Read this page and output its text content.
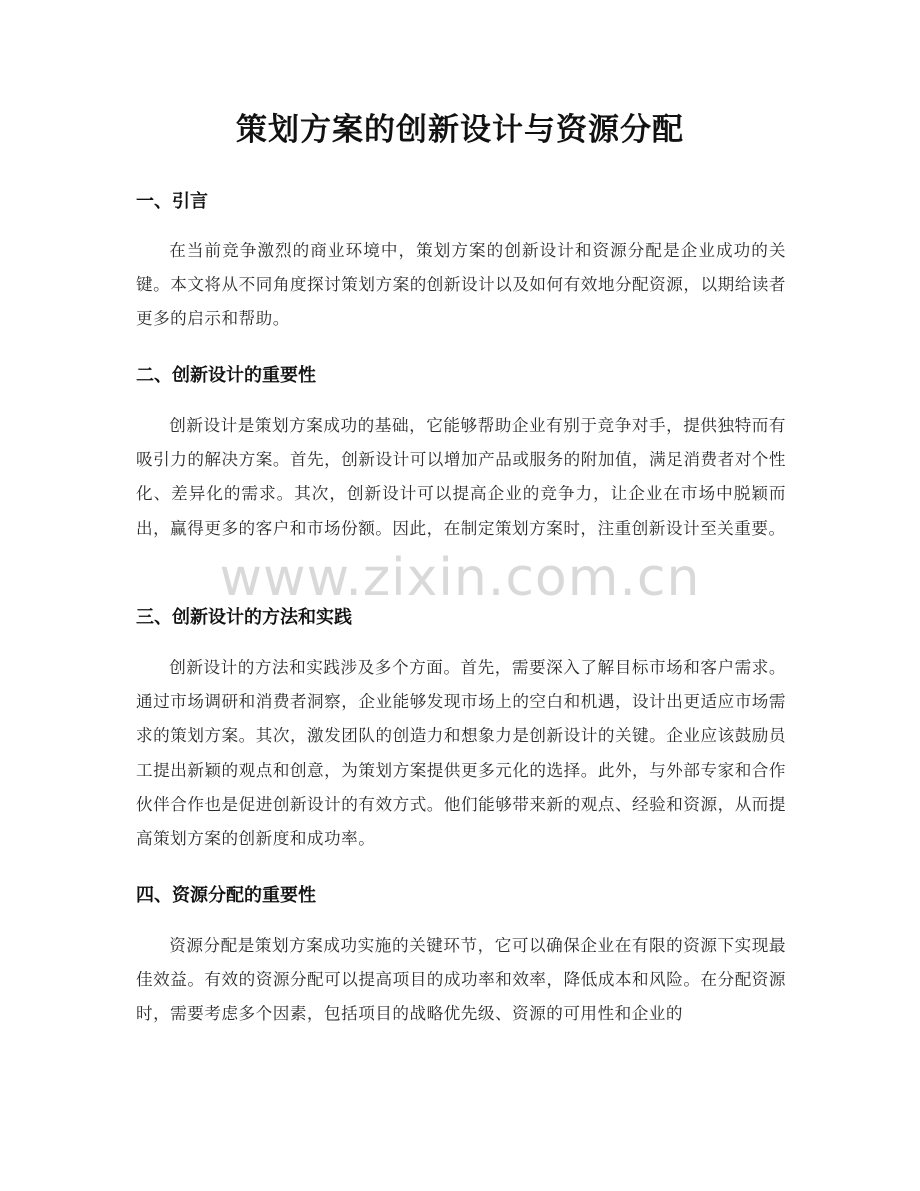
策划方案的创新设计与资源分配
一、引言
在当前竞争激烈的商业环境中，策划方案的创新设计和资源分配是企业成功的关键。本文将从不同角度探讨策划方案的创新设计以及如何有效地分配资源，以期给读者更多的启示和帮助。
二、创新设计的重要性
创新设计是策划方案成功的基础，它能够帮助企业有别于竞争对手，提供独特而有吸引力的解决方案。首先，创新设计可以增加产品或服务的附加值，满足消费者对个性化、差异化的需求。其次，创新设计可以提高企业的竞争力，让企业在市场中脱颖而出，赢得更多的客户和市场份额。因此，在制定策划方案时，注重创新设计至关重要。
三、创新设计的方法和实践
创新设计的方法和实践涉及多个方面。首先，需要深入了解目标市场和客户需求。通过市场调研和消费者洞察，企业能够发现市场上的空白和机遇，设计出更适应市场需求的策划方案。其次，激发团队的创造力和想象力是创新设计的关键。企业应该鼓励员工提出新颖的观点和创意，为策划方案提供更多元化的选择。此外，与外部专家和合作伙伴合作也是促进创新设计的有效方式。他们能够带来新的观点、经验和资源，从而提高策划方案的创新度和成功率。
四、资源分配的重要性
资源分配是策划方案成功实施的关键环节，它可以确保企业在有限的资源下实现最佳效益。有效的资源分配可以提高项目的成功率和效率，降低成本和风险。在分配资源时，需要考虑多个因素，包括项目的战略优先级、资源的可用性和企业的
www.zixin.com.cn
